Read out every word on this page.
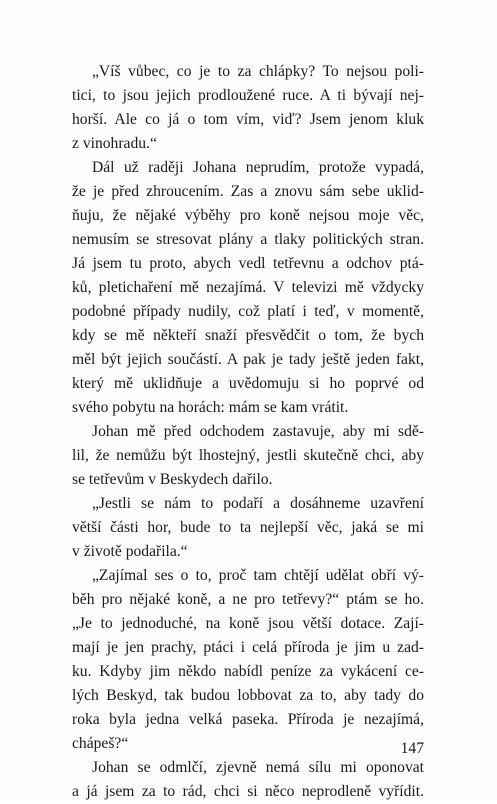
„Víš vůbec, co je to za chlápky? To nejsou poli-
tici, to jsou jejich prodloužené ruce. A ti bývají nej-
horší. Ale co já o tom vím, viď? Jsem jenom kluk
z vinohradu.“
Dál už raději Johana neprudím, protože vypadá,
že je před zhroucením. Zas a znovu sám sebe uklid-
ňuju, že nějaké výběhy pro koně nejsou moje věc,
nemusím se stresovat plány a tlaky politických stran.
Já jsem tu proto, abych vedl tetřevnu a odchov ptá-
ků, pletichaření mě nezajímá. V televizi mě vždycky
podobné případy nudily, což platí i teď, v momentě,
kdy se mě někteří snaží přesvědčit o tom, že bych
měl být jejich součástí. A pak je tady ještě jeden fakt,
který mě uklidňuje a uvědomuju si ho poprvé od
svého pobytu na horách: mám se kam vrátit.
Johan mě před odchodem zastavuje, aby mi sdě-
lil, že nemůžu být lhostejný, jestli skutečně chci, aby
se tetřevům v Beskydech dařilo.
„Jestli se nám to podaří a dosáhneme uzavření
větší části hor, bude to ta nejlepší věc, jaká se mi
v životě podařila.“
„Zajímal ses o to, proč tam chtějí udělat obří vý-
běh pro nějaké koně, a ne pro tetřevy?“ ptám se ho.
„Je to jednoduché, na koně jsou větší dotace. Zají-
mají je jen prachy, ptáci i celá příroda je jim u zad-
ku. Kdyby jim někdo nabídl peníze za vykácení ce-
lých Beskyd, tak budou lobbovat za to, aby tady do
roka byla jedna velká paseka. Příroda je nezajímá,
chápeš?“
Johan se odmlčí, zjevně nemá sílu mi oponovat
a já jsem za to rád, chci si něco neprodleně vyřídit.
147
